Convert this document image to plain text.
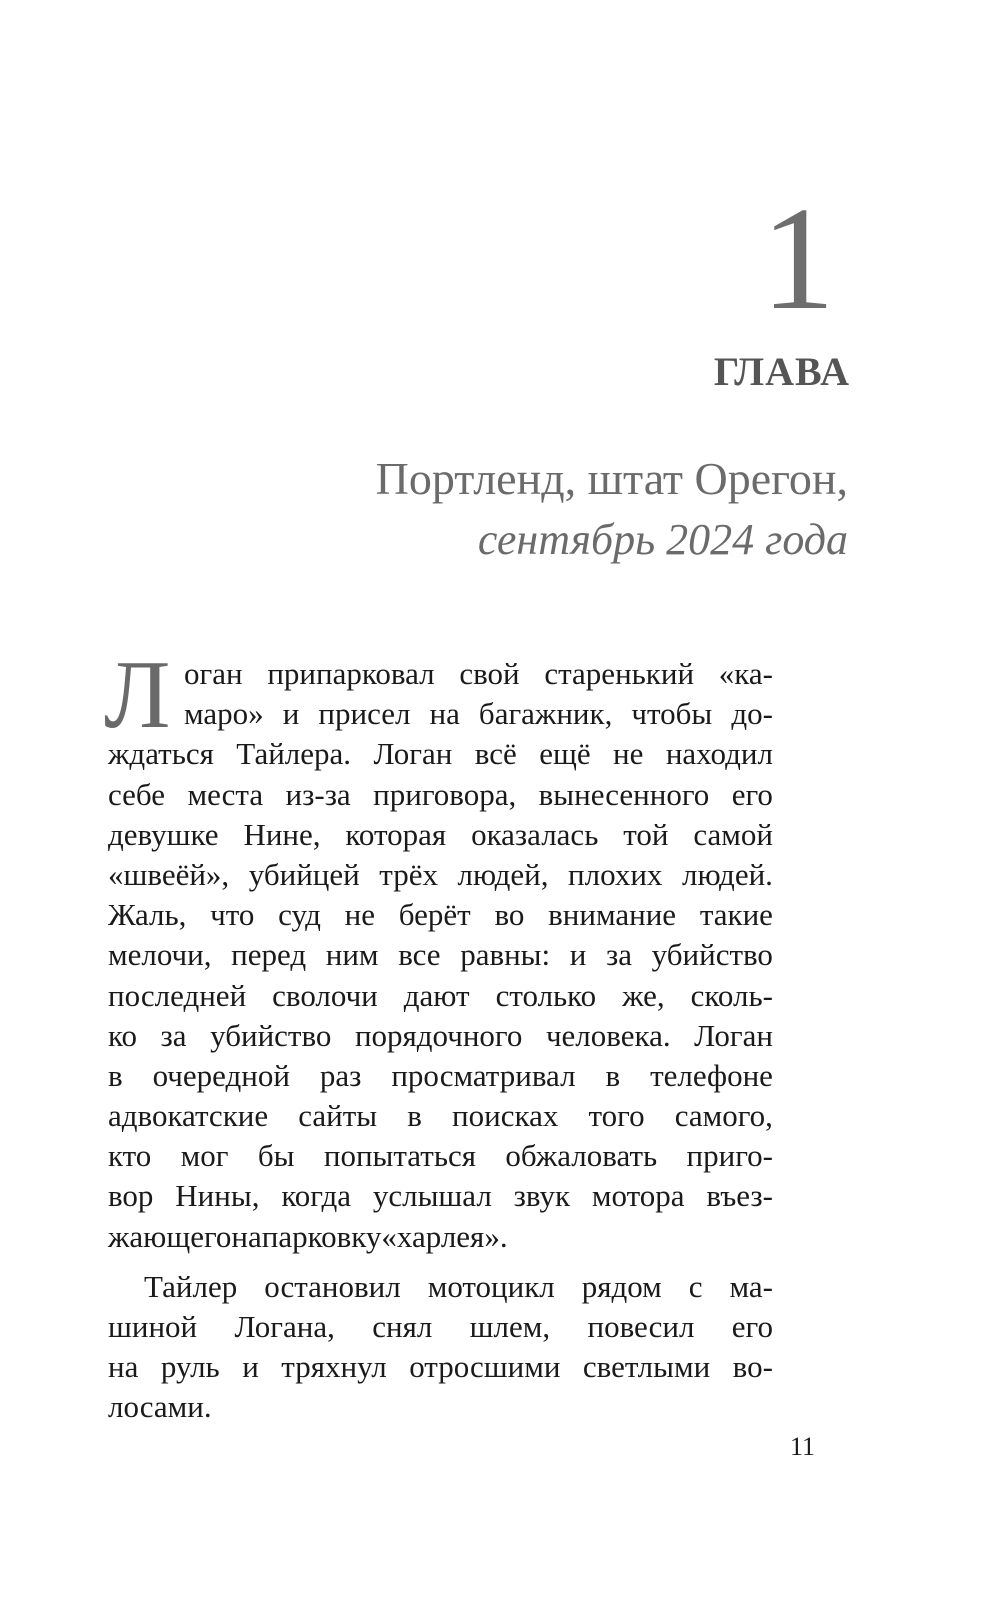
1
ГЛАВА
Портленд, штат Орегон,
сентябрь 2024 года
Л оган припарковал свой старенький «ка-
маро» и присел на багажник, чтобы до-
ждаться Тайлера. Логан всё ещё не находил
себе места из-за приговора, вынесенного его
девушке Нине, которая оказалась той самой
«швеёй», убийцей трёх людей, плохих людей.
Жаль, что суд не берёт во внимание такие
мелочи, перед ним все равны: и за убийство
последней сволочи дают столько же, сколь-
ко за убийство порядочного человека. Логан
в очередной раз просматривал в телефоне
адвокатские сайты в поисках того самого,
кто мог бы попытаться обжаловать приго-
вор Нины, когда услышал звук мотора въез-
жающего на парковку «харлея».
Тайлер остановил мотоцикл рядом с ма-
шиной Логана, снял шлем, повесил его
на руль и тряхнул отросшими светлыми во-
лосами.
11
